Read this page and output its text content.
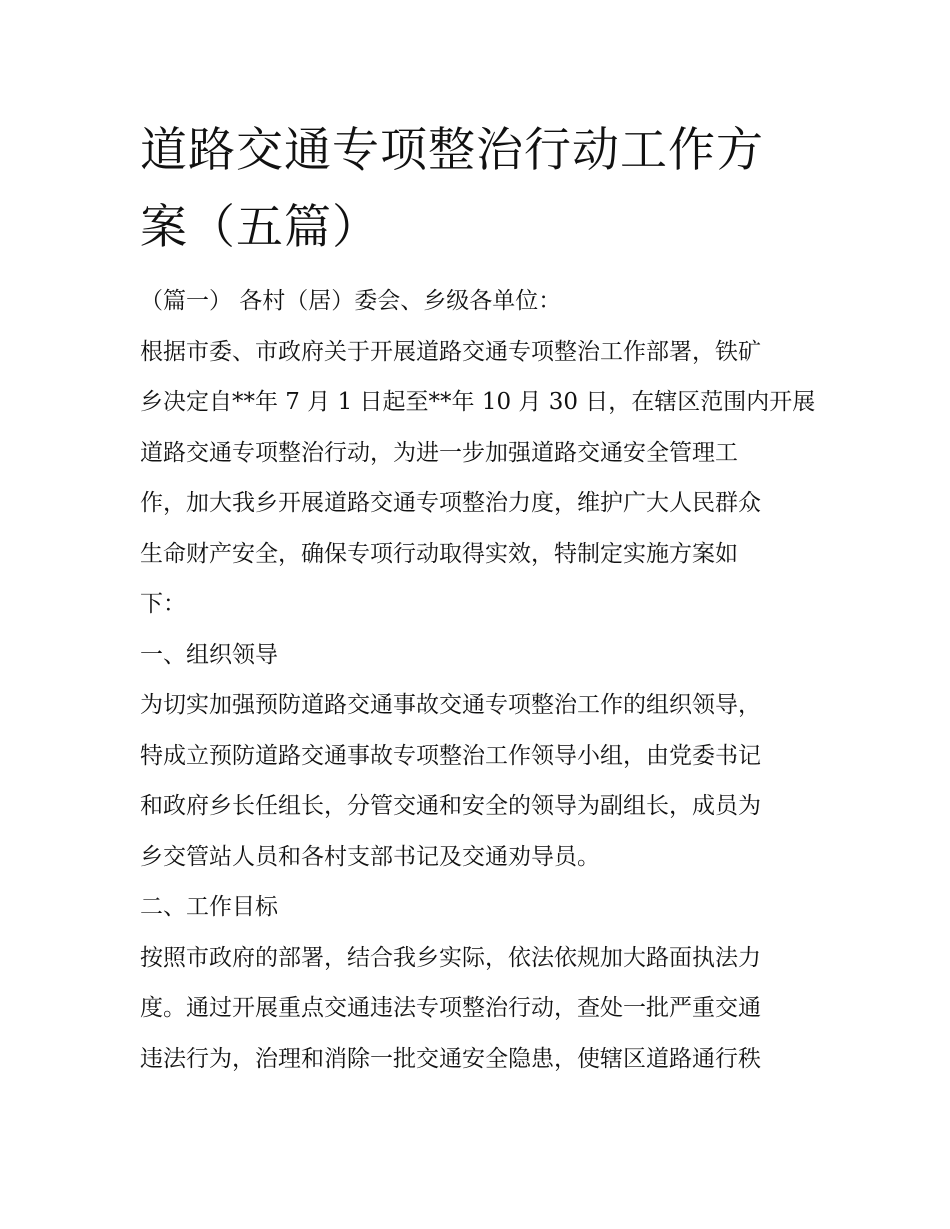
道路交通专项整治行动工作方
案（五篇）

（篇一） 各村（居）委会、乡级各单位：

根据市委、市政府关于开展道路交通专项整治工作部署，铁矿

乡决定自**年 7 月 1 日起至**年 10 月 30 日，在辖区范围内开展

道路交通专项整治行动，为进一步加强道路交通安全管理工

作，加大我乡开展道路交通专项整治力度，维护广大人民群众

生命财产安全，确保专项行动取得实效，特制定实施方案如

下：

一、组织领导

为切实加强预防道路交通事故交通专项整治工作的组织领导，

特成立预防道路交通事故专项整治工作领导小组，由党委书记

和政府乡长任组长，分管交通和安全的领导为副组长，成员为

乡交管站人员和各村支部书记及交通劝导员。

二、工作目标

按照市政府的部署，结合我乡实际，依法依规加大路面执法力

度。通过开展重点交通违法专项整治行动，查处一批严重交通

违法行为，治理和消除一批交通安全隐患，使辖区道路通行秩
